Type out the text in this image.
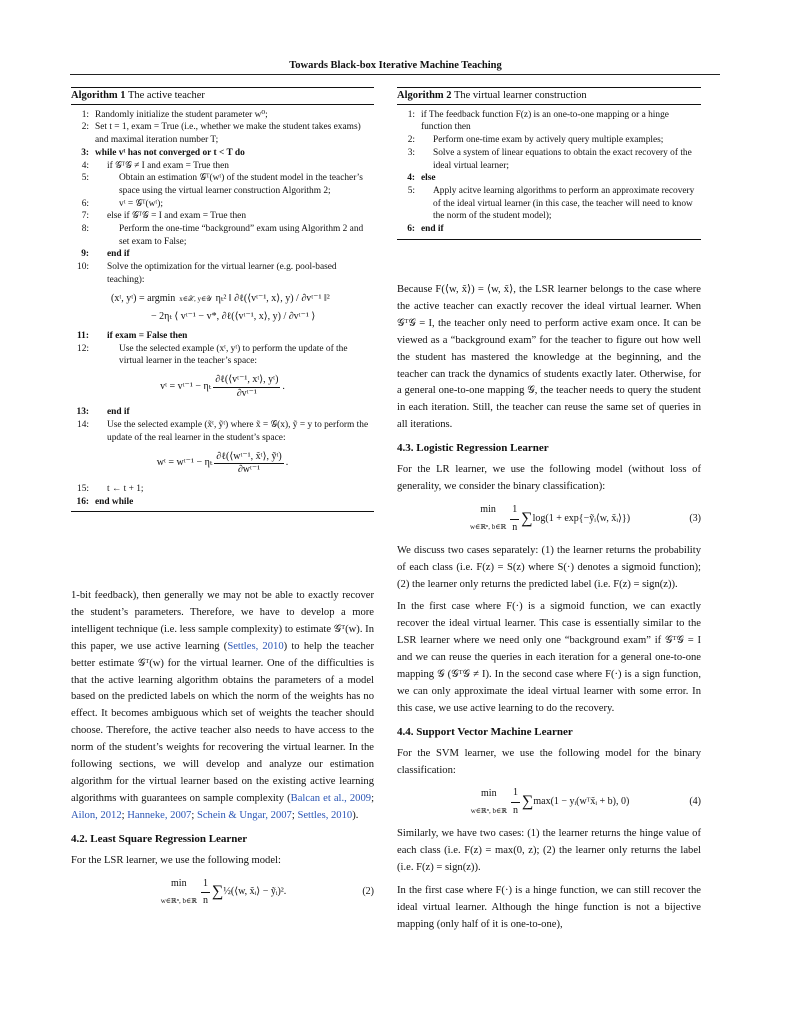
Towards Black-box Iterative Machine Teaching
Algorithm 1 The active teacher
1: Randomly initialize the student parameter w⁰;
2: Set t = 1, exam = True (i.e., whether we make the student takes exams) and maximal iteration number T;
3: while vᵗ has not converged or t < T do
4:	if 𝒢ᵀ𝒢 ≠ I and exam = True then
5:	Obtain an estimation 𝒢ᵀ(wᵗ) of the student model in the teacher’s space using the virtual learner construction Algorithm 2;
6:	vᵗ = 𝒢ᵀ(wᵗ);
7:	else if 𝒢ᵀ𝒢 = I and exam = True then
8:	Perform the one-time “background” exam using Algorithm 2 and set exam to False;
9:	end if
10:	Solve the optimization for the virtual learner (e.g. pool-based teaching):
(xᵗ, yᵗ) = argmin x∈𝒳, y∈𝒴 ηₜ² ‖ ∂ℓ(⟨vᵗ⁻¹, x⟩, y) / ∂vᵗ⁻¹ ‖²
− 2ηₜ ⟨ vᵗ⁻¹ − v*, ∂ℓ(⟨vᵗ⁻¹, x⟩, y) / ∂vᵗ⁻¹ ⟩
11:	if exam = False then
12:	Use the selected example (xᵗ, yᵗ) to perform the update of the virtual learner in the teacher’s space:
vᵗ = vᵗ⁻¹ − ηₜ $\frac{\text{∂ℓ(⟨vᵗ⁻¹, xᵗ⟩, yᵗ)}}{\text{∂vᵗ⁻¹}}$ .
13:	end if
14:	Use the selected example (x̃ᵗ, ỹᵗ) where x̃ = 𝒢(x), ỹ = y to perform the update of the real learner in the student’s space:
wᵗ = wᵗ⁻¹ − ηₜ $\frac{\text{∂ℓ(⟨wᵗ⁻¹, x̃ᵗ⟩, ỹᵗ)}}{\text{∂wᵗ⁻¹}}$ .
15:	t ← t + 1;
16: end while
Algorithm 2 The virtual learner construction
1: if The feedback function F(z) is an one-to-one mapping or a hinge function then
2:	Perform one-time exam by actively query multiple examples;
3:	Solve a system of linear equations to obtain the exact recovery of the ideal virtual learner;
4: else
5:	Apply acitve learning algorithms to perform an approximate recovery of the ideal virtual learner (in this case, the teacher will need to know the norm of the student model);
6: end if

1-bit feedback), then generally we may not be able to exactly recover the student’s parameters. Therefore, we have to develop a more intelligent technique (i.e. less sample complexity) to estimate 𝒢ᵀ(w). In this paper, we use active learning (Settles, 2010) to help the teacher better estimate 𝒢ᵀ(w) for the virtual learner. One of the difficulties is that the active learning algorithm obtains the parameters of a model based on the predicted labels on which the norm of the weights has no effect. It becomes ambiguous which set of weights the teacher should choose. Therefore, the active teacher also needs to have access to the norm of the student’s weights for recovering the virtual learner. In the following sections, we will develop and analyze our estimation algorithm for the virtual learner based on the existing active learning algorithms with guarantees on sample complexity (Balcan et al., 2009; Ailon, 2012; Hanneke, 2007; Schein & Ungar, 2007; Settles, 2010).

4.2. Least Square Regression Learner

For the LSR learner, we use the following model:

min
w∈ℝⁿ, b∈ℝ $\frac{1}{n}$ ∑ ½(⟨w, x̃ᵢ⟩ − ỹᵢ)².	(2)

Because F(⟨w, x̃⟩) = ⟨w, x̃⟩, the LSR learner belongs to the case where the active teacher can exactly recover the ideal virtual learner. When 𝒢ᵀ𝒢 = I, the teacher only need to perform active exam once. It can be viewed as a “background exam” for the teacher to figure out how well the student has mastered the knowledge at the beginning, and the teacher can track the dynamics of students exactly later. Otherwise, for a general one-to-one mapping 𝒢, the teacher needs to query the student in each iteration. Still, the teacher can reuse the same set of queries in all iterations.

4.3. Logistic Regression Learner

For the LR learner, we use the following model (without loss of generality, we consider the binary classification):

min
w∈ℝⁿ, b∈ℝ $\frac{1}{n}$ ∑ log(1 + exp{−ỹᵢ⟨w, x̃ᵢ⟩})	(3)

We discuss two cases separately: (1) the learner returns the probability of each class (i.e. F(z) = S(z) where S(·) denotes a sigmoid function); (2) the learner only returns the predicted label (i.e. F(z) = sign(z)).

In the first case where F(·) is a sigmoid function, we can exactly recover the ideal virtual learner. This case is essentially similar to the LSR learner where we need only one “background exam” if 𝒢ᵀ𝒢 = I and we can reuse the queries in each iteration for a general one-to-one mapping 𝒢 (𝒢ᵀ𝒢 ≠ I). In the second case where F(·) is a sign function, we can only approximate the ideal virtual learner with some error. In this case, we use active learning to do the recovery.

4.4. Support Vector Machine Learner

For the SVM learner, we use the following model for the binary classification:

min
w∈ℝⁿ, b∈ℝ $\frac{1}{n}$ ∑ max(1 − yᵢ(wᵀx̃ᵢ + b), 0)	(4)

Similarly, we have two cases: (1) the learner returns the hinge value of each class (i.e. F(z) = max(0, z); (2) the learner only returns the label (i.e. F(z) = sign(z)).

In the first case where F(·) is a hinge function, we can still recover the ideal virtual learner. Although the hinge function is not a bijective mapping (only half of it is one-to-one),
